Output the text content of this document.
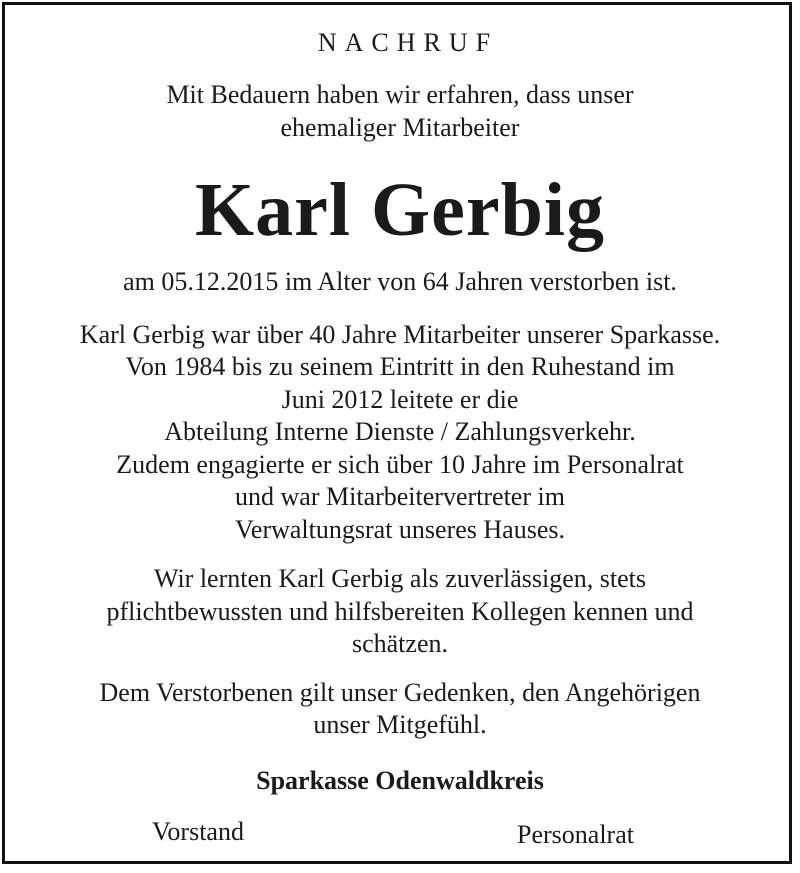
NACHRUF
Mit Bedauern haben wir erfahren, dass unser
ehemaliger Mitarbeiter
Karl Gerbig
am 05.12.2015 im Alter von 64 Jahren verstorben ist.
Karl Gerbig war über 40 Jahre Mitarbeiter unserer Sparkasse.
Von 1984 bis zu seinem Eintritt in den Ruhestand im
Juni 2012 leitete er die
Abteilung Interne Dienste / Zahlungsverkehr.
Zudem engagierte er sich über 10 Jahre im Personalrat
und war Mitarbeitervertreter im
Verwaltungsrat unseres Hauses.
Wir lernten Karl Gerbig als zuverlässigen, stets
pflichtbewussten und hilfsbereiten Kollegen kennen und
schätzen.
Dem Verstorbenen gilt unser Gedenken, den Angehörigen
unser Mitgefühl.
Sparkasse Odenwaldkreis
Vorstand	Personalrat
